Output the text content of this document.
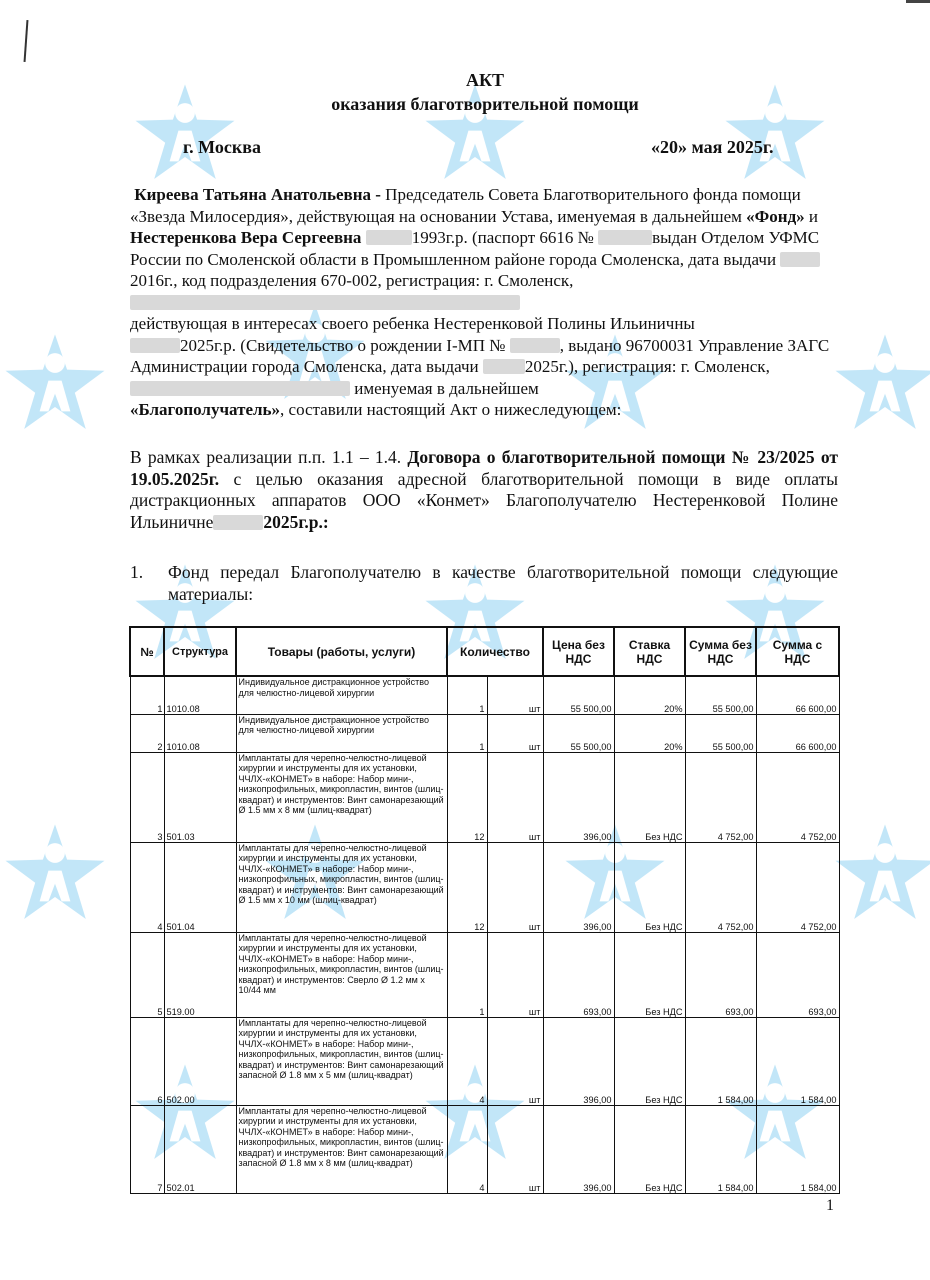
АКТ
оказания благотворительной помощи
г. Москва	«20» мая 2025г.
Киреева Татьяна Анатольевна - Председатель Совета Благотворительного фонда помощи «Звезда Милосердия», действующая на основании Устава, именуемая в дальнейшем «Фонд» и Нестеренкова Вера Сергеевна	1993г.р. (паспорт 6616 №	выдан Отделом УФМС России по Смоленской области в Промышленном районе города Смоленска, дата выдачи 2016г., код подразделения 670-002, регистрация: г. Смоленск,
действующая в интересах своего ребенка Нестеренковой Полины Ильиничны
2025г.р. (Свидетельство о рождении I-МП №	, выдано 96700031 Управление ЗАГС Администрации города Смоленска, дата выдачи	2025г.), регистрация: г. Смоленск,  именуемая в дальнейшем
«Благополучатель», составили настоящий Акт о нижеследующем:
В рамках реализации п.п. 1.1 – 1.4. Договора о благотворительной помощи № 23/2025 от 19.05.2025г. с целью оказания адресной благотворительной помощи в виде оплаты дистракционных аппаратов ООО «Конмет» Благополучателю Нестеренковой Полине Ильиничне	2025г.р.:
1. Фонд передал Благополучателю в качестве благотворительной помощи следующие материалы:
№	Структура	Товары (работы, услуги)	Количество		Цена без НДС	Ставка НДС	Сумма без НДС	Сумма с НДС
1	1010.08	Индивидуальное дистракционное устройство для челюстно-лицевой хирургии	1	шт	55 500,00	20%	55 500,00	66 600,00
2	1010.08	Индивидуальное дистракционное устройство для челюстно-лицевой хирургии	1	шт	55 500,00	20%	55 500,00	66 600,00
3	501.03	Имплантаты для черепно-челюстно-лицевой хирургии и инструменты для их установки, ЧЧЛХ-«КОНМЕТ» в наборе: Набор мини-, низкопрофильных, микропластин, винтов (шлиц-квадрат) и инструментов: Винт самонарезающий Ø 1.5 мм х 8 мм (шлиц-квадрат)	12	шт	396,00	Без НДС	4 752,00	4 752,00
4	501.04	Имплантаты для черепно-челюстно-лицевой хирургии и инструменты для их установки, ЧЧЛХ-«КОНМЕТ» в наборе: Набор мини-, низкопрофильных, микропластин, винтов (шлиц-квадрат) и инструментов: Винт самонарезающий Ø 1.5 мм х 10 мм (шлиц-квадрат)	12	шт	396,00	Без НДС	4 752,00	4 752,00
5	519.00	Имплантаты для черепно-челюстно-лицевой хирургии и инструменты для их установки, ЧЧЛХ-«КОНМЕТ» в наборе: Набор мини-, низкопрофильных, микропластин, винтов (шлиц-квадрат) и инструментов: Сверло Ø 1.2 мм х 10/44 мм	1	шт	693,00	Без НДС	693,00	693,00
6	502.00	Имплантаты для черепно-челюстно-лицевой хирургии и инструменты для их установки, ЧЧЛХ-«КОНМЕТ» в наборе: Набор мини-, низкопрофильных, микропластин, винтов (шлиц-квадрат) и инструментов: Винт самонарезающий запасной Ø 1.8 мм х 5 мм (шлиц-квадрат)	4	шт	396,00	Без НДС	1 584,00	1 584,00
7	502.01	Имплантаты для черепно-челюстно-лицевой хирургии и инструменты для их установки, ЧЧЛХ-«КОНМЕТ» в наборе: Набор мини-, низкопрофильных, микропластин, винтов (шлиц-квадрат) и инструментов: Винт самонарезающий запасной Ø 1.8 мм х 8 мм (шлиц-квадрат)	4	шт	396,00	Без НДС	1 584,00	1 584,00
1
